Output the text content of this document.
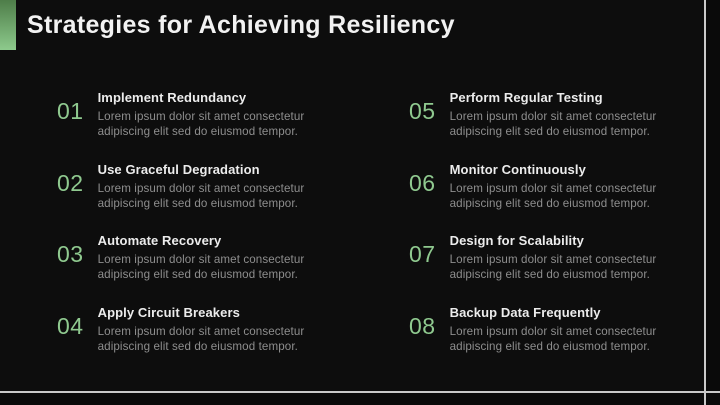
Strategies for Achieving Resiliency
01
Implement Redundancy
Lorem ipsum dolor sit amet consectetur adipiscing elit sed do eiusmod tempor.
02
Use Graceful Degradation
Lorem ipsum dolor sit amet consectetur adipiscing elit sed do eiusmod tempor.
03
Automate Recovery
Lorem ipsum dolor sit amet consectetur adipiscing elit sed do eiusmod tempor.
04
Apply Circuit Breakers
Lorem ipsum dolor sit amet consectetur adipiscing elit sed do eiusmod tempor.
05
Perform Regular Testing
Lorem ipsum dolor sit amet consectetur adipiscing elit sed do eiusmod tempor.
06
Monitor Continuously
Lorem ipsum dolor sit amet consectetur adipiscing elit sed do eiusmod tempor.
07
Design for Scalability
Lorem ipsum dolor sit amet consectetur adipiscing elit sed do eiusmod tempor.
08
Backup Data Frequently
Lorem ipsum dolor sit amet consectetur adipiscing elit sed do eiusmod tempor.
